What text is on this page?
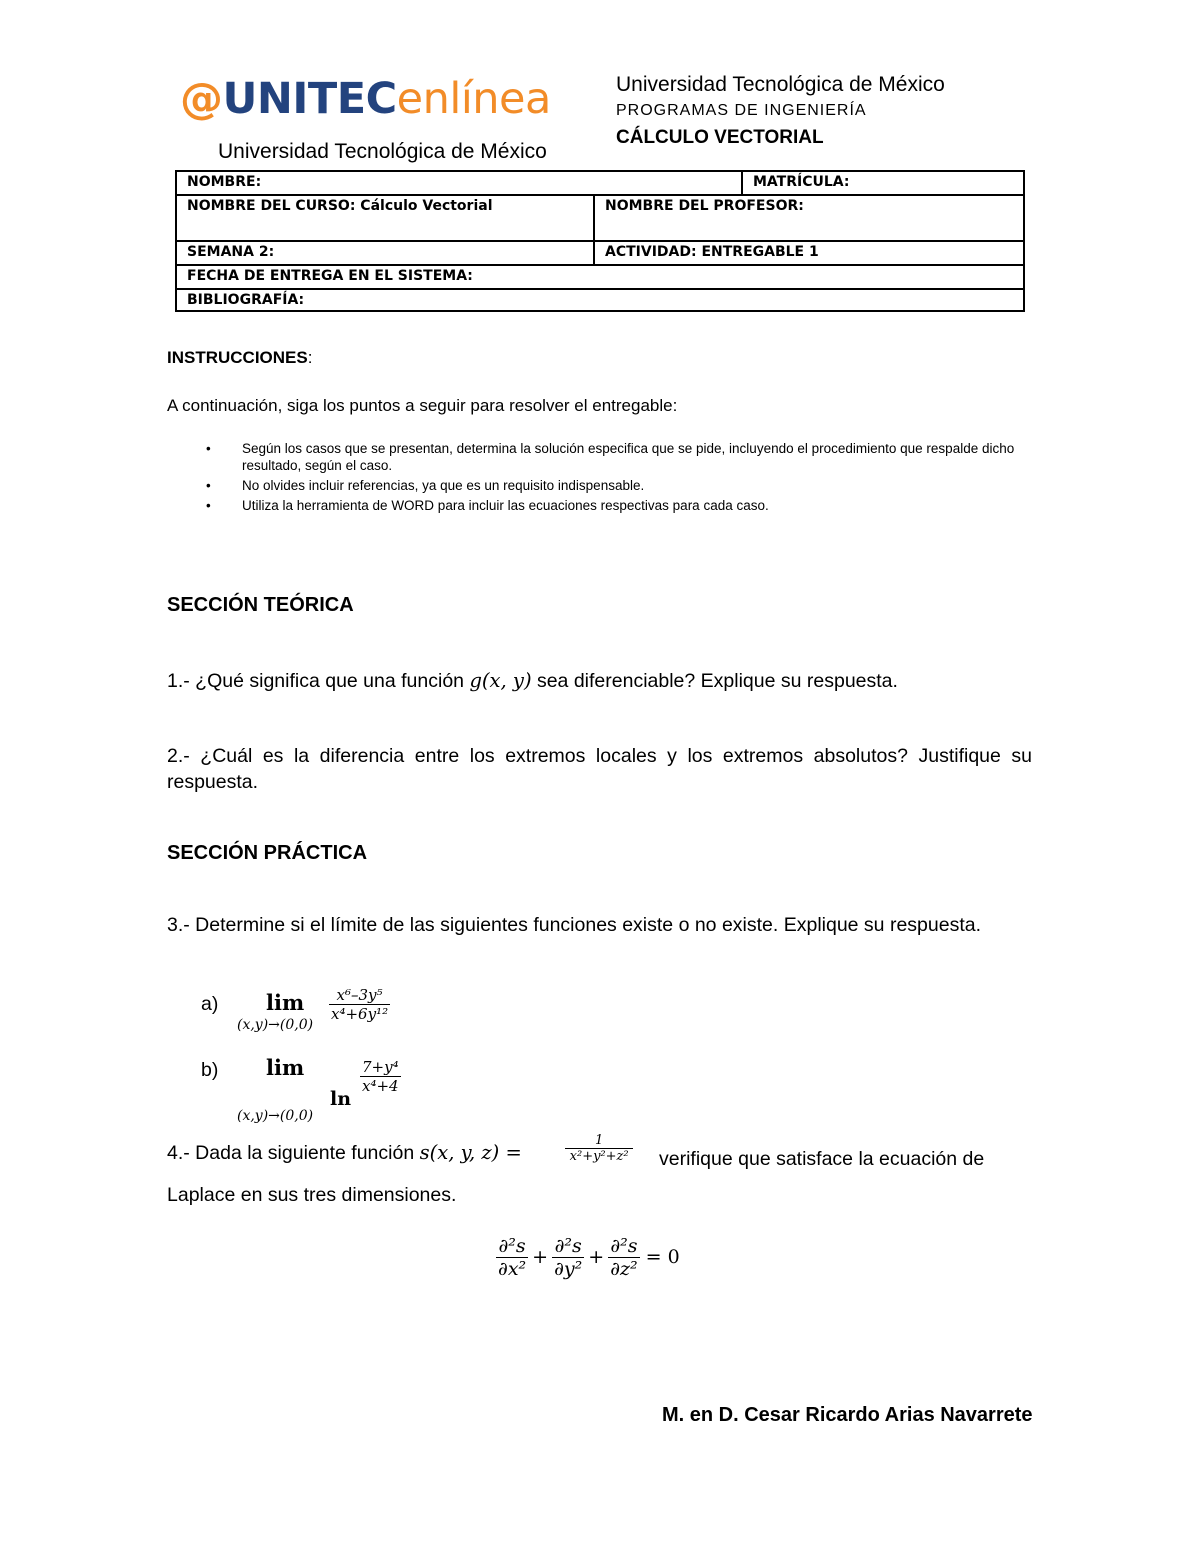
@UNITECenlínea
Universidad Tecnológica de México
Universidad Tecnológica de México
PROGRAMAS DE INGENIERÍA
CÁLCULO VECTORIAL
NOMBRE:		MATRÍCULA:
NOMBRE DEL CURSO: Cálculo Vectorial	NOMBRE DEL PROFESOR:	
SEMANA 2:	ACTIVIDAD: ENTREGABLE 1	
FECHA DE ENTREGA EN EL SISTEMA:		
BIBLIOGRAFÍA:		
INSTRUCCIONES:
A continuación, siga los puntos a seguir para resolver el entregable:
• Según los casos que se presentan, determina la solución especifica que se pide, incluyendo el procedimiento que respalde dicho resultado, según el caso.
• No olvides incluir referencias, ya que es un requisito indispensable.
• Utiliza la herramienta de WORD para incluir las ecuaciones respectivas para cada caso.
SECCIÓN TEÓRICA
1.- ¿Qué significa que una función g(x, y) sea diferenciable? Explique su respuesta.
2.- ¿Cuál es la diferencia entre los extremos locales y los extremos absolutos? Justifique su respuesta.
SECCIÓN PRÁCTICA
3.- Determine si el límite de las siguientes funciones existe o no existe. Explique su respuesta.
a) lim
(x,y)→(0,0)
$\frac{\text{x⁶–3y⁵}}{\text{x⁴+6y¹²}}$
b) lim
(x,y)→(0,0)
ln
$\frac{\text{7+y⁴}}{\text{x⁴+4}}$
4.- Dada la siguiente función s(x, y, z) =	$\frac{1}{\text{x²+y²+z²}}$ verifique que satisface la ecuación de
Laplace en sus tres dimensiones.
$\frac{\text{∂²s}}{\text{∂x²}} + \frac{\text{∂²s}}{\text{∂y²}} + \frac{\text{∂²s}}{\text{∂z²}} = 0$
M. en D. Cesar Ricardo Arias Navarrete
